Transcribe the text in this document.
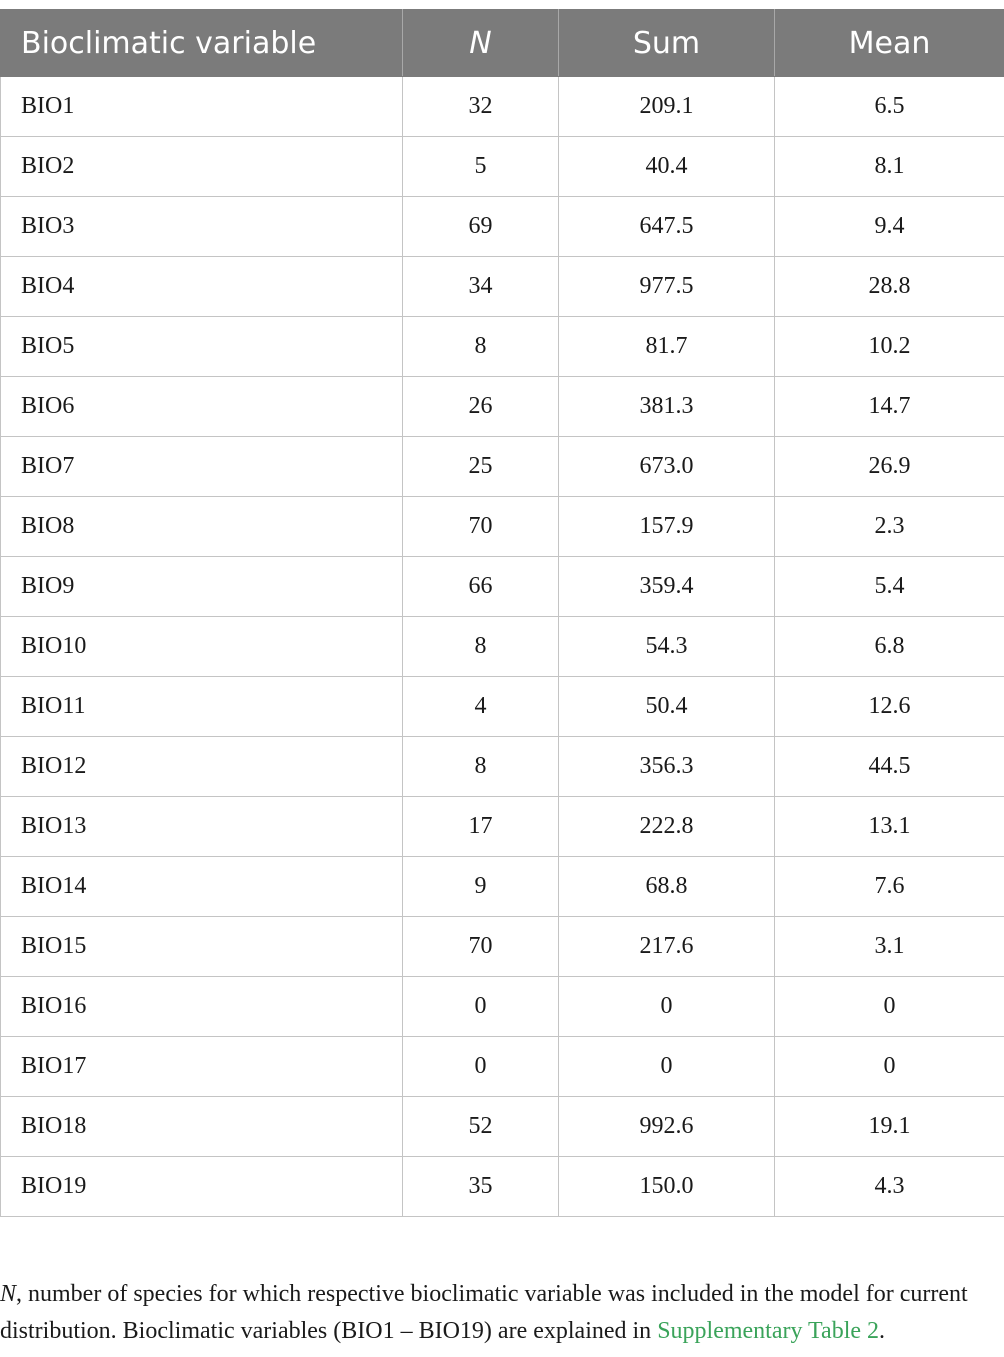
Bioclimatic variable	N	Sum	Mean
BIO1	32	209.1	6.5
BIO2	5	40.4	8.1
BIO3	69	647.5	9.4
BIO4	34	977.5	28.8
BIO5	8	81.7	10.2
BIO6	26	381.3	14.7
BIO7	25	673.0	26.9
BIO8	70	157.9	2.3
BIO9	66	359.4	5.4
BIO10	8	54.3	6.8
BIO11	4	50.4	12.6
BIO12	8	356.3	44.5
BIO13	17	222.8	13.1
BIO14	9	68.8	7.6
BIO15	70	217.6	3.1
BIO16	0	0	0
BIO17	0	0	0
BIO18	52	992.6	19.1
BIO19	35	150.0	4.3

N, number of species for which respective bioclimatic variable was included in the model for current distribution. Bioclimatic variables (BIO1 – BIO19) are explained in Supplementary Table 2.
